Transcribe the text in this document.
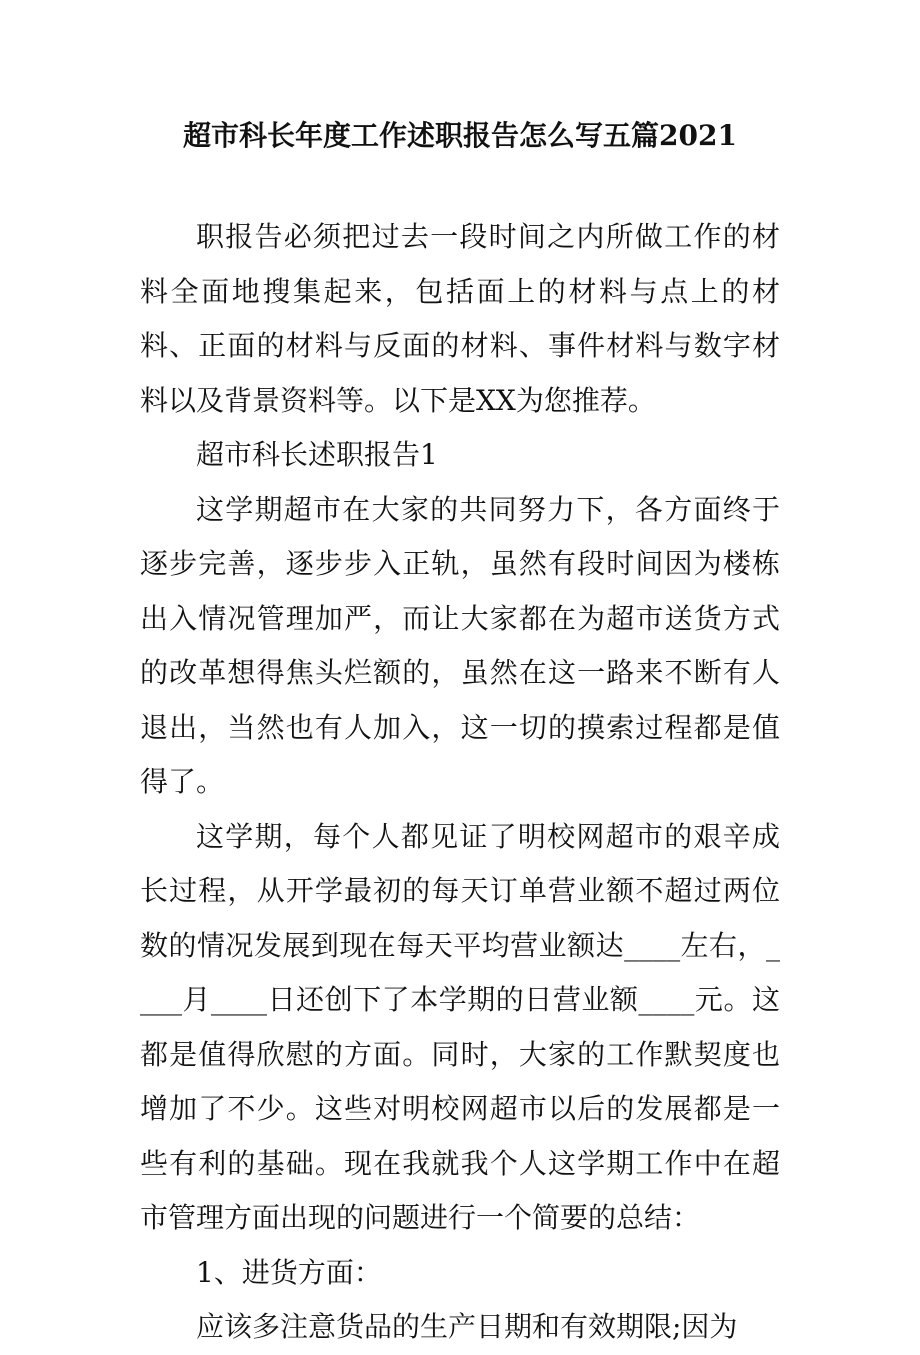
超市科长年度工作述职报告怎么写五篇2021

职报告必须把过去一段时间之内所做工作的材料全面地搜集起来，包括面上的材料与点上的材料、正面的材料与反面的材料、事件材料与数字材料以及背景资料等。以下是XX为您推荐。

超市科长述职报告1

这学期超市在大家的共同努力下，各方面终于逐步完善，逐步步入正轨，虽然有段时间因为楼栋出入情况管理加严，而让大家都在为超市送货方式的改革想得焦头烂额的，虽然在这一路来不断有人退出，当然也有人加入，这一切的摸索过程都是值得了。

这学期，每个人都见证了明校网超市的艰辛成长过程，从开学最初的每天订单营业额不超过两位数的情况发展到现在每天平均营业额达____左右，____月____日还创下了本学期的日营业额____元。这都是值得欣慰的方面。同时，大家的工作默契度也增加了不少。这些对明校网超市以后的发展都是一些有利的基础。现在我就我个人这学期工作中在超市管理方面出现的问题进行一个简要的总结：

1、进货方面：

应该多注意货品的生产日期和有效期限;因为
